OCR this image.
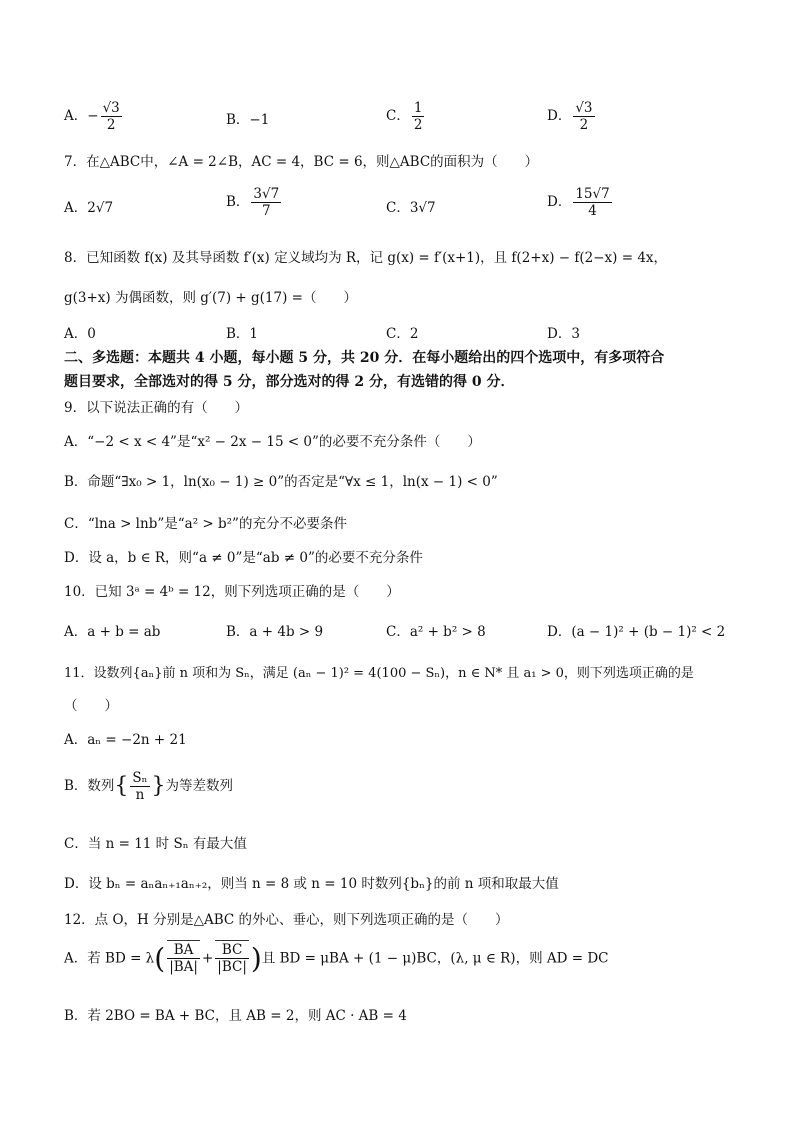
A．− $\frac{√3}{2}$	B．−1	C． $\frac{1}{2}$	D． $\frac{√3}{2}$
7．在△ABC中，∠A = 2∠B，AC = 4，BC = 6，则△ABC的面积为（　　）
A．2√7	B． $\frac{3√7}{7}$	C．3√7	D． $\frac{15√7}{4}$
8．已知函数 f(x) 及其导函数 f′(x) 定义域均为 R，记 g(x) = f′(x+1)，且 f(2+x) − f(2−x) = 4x，
g(3+x) 为偶函数，则 g′(7) + g(17) =（　　）
A．0	B．1	C．2	D．3
二、多选题：本题共 4 小题，每小题 5 分，共 20 分．在每小题给出的四个选项中，有多项符合
题目要求，全部选对的得 5 分，部分选对的得 2 分，有选错的得 0 分．
9．以下说法正确的有（　　）
A．“−2 < x < 4”是“x² − 2x − 15 < 0”的必要不充分条件（　　）
B．命题“∃x₀ > 1，ln(x₀ − 1) ≥ 0”的否定是“∀x ≤ 1，ln(x − 1) < 0”
C．“lna > lnb”是“a² > b²”的充分不必要条件
D．设 a，b ∈ R，则“a ≠ 0”是“ab ≠ 0”的必要不充分条件
10．已知 3ᵃ = 4ᵇ = 12，则下列选项正确的是（　　）
A．a + b = ab	B．a + 4b > 9	C．a² + b² > 8	D．(a − 1)² + (b − 1)² < 2
11．设数列{aₙ}前 n 项和为 Sₙ，满足 (aₙ − 1)² = 4(100 − Sₙ)，n ∈ N* 且 a₁ > 0，则下列选项正确的是
（　　）
A．aₙ = −2n + 21
B．数列{ $\frac{\text{Sₙ}}{n}$ }为等差数列
C．当 n = 11 时 Sₙ 有最大值
D．设 bₙ = aₙaₙ₊₁aₙ₊₂，则当 n = 8 或 n = 10 时数列{bₙ}的前 n 项和取最大值
12．点 O，H 分别是△ABC 的外心、垂心，则下列选项正确的是（　　）
A．若 BD = $\lambda( \frac{BA}{|BA|} + \frac{BC}{|BC|}$ )且 BD = μBA + (1 − μ)BC，(λ, μ ∈ R)，则 AD = DC
B．若 2BO = BA + BC，且 AB = 2，则 AC · AB = 4
